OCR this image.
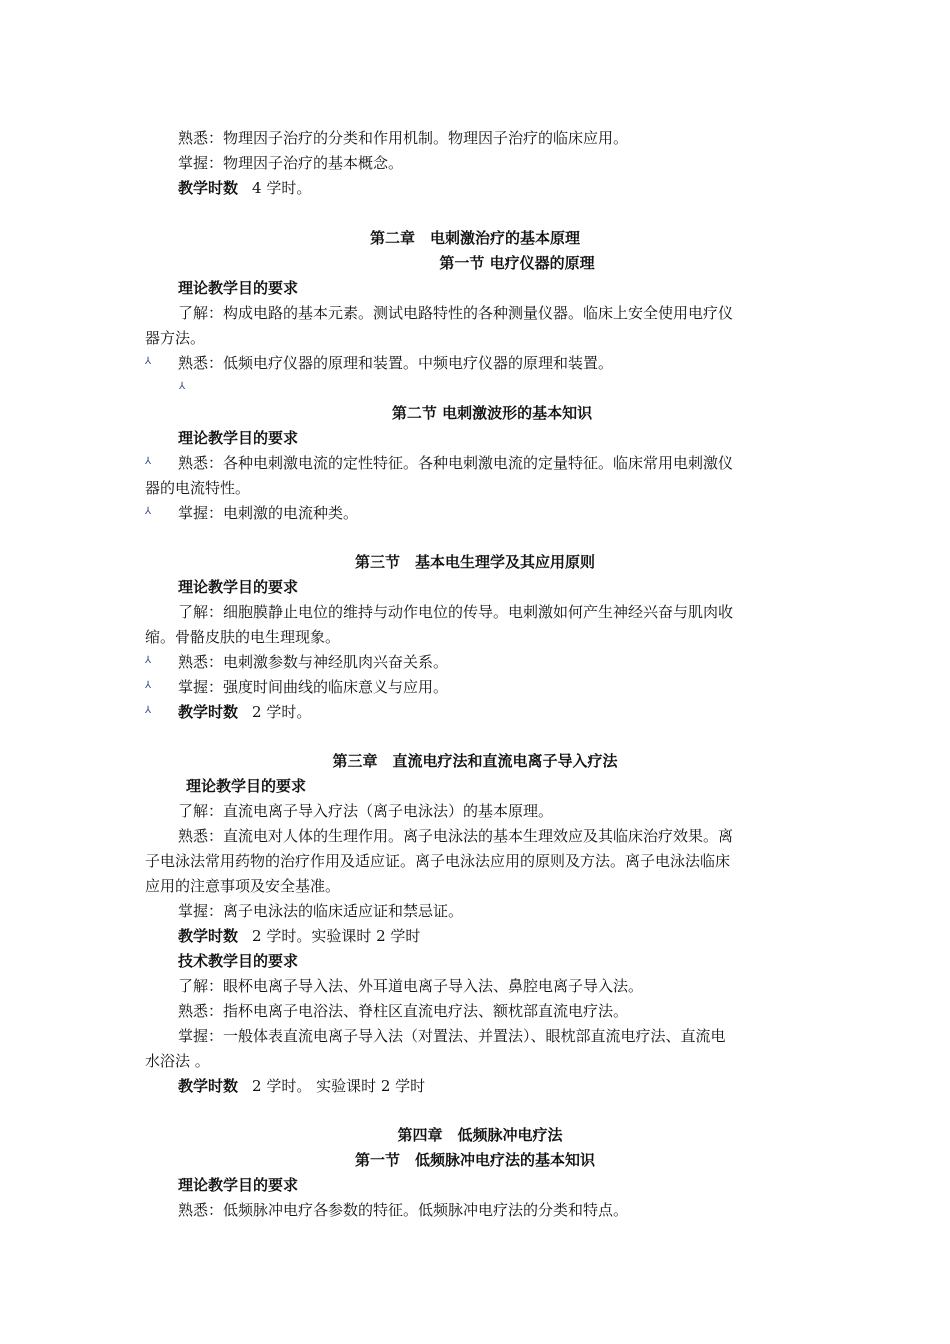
熟悉：物理因子治疗的分类和作用机制。物理因子治疗的临床应用。
掌握：物理因子治疗的基本概念。
教学时数 4 学时。
第二章　电刺激治疗的基本原理
第一节 电疗仪器的原理
理论教学目的要求
了解：构成电路的基本元素。测试电路特性的各种测量仪器。临床上安全使用电疗仪
器方法。
⅄ 熟悉：低频电疗仪器的原理和装置。中频电疗仪器的原理和装置。
⅄
第二节 电刺激波形的基本知识
理论教学目的要求
⅄ 熟悉：各种电刺激电流的定性特征。各种电刺激电流的定量特征。临床常用电刺激仪
器的电流特性。
⅄ 掌握：电刺激的电流种类。
第三节　基本电生理学及其应用原则
理论教学目的要求
了解：细胞膜静止电位的维持与动作电位的传导。电刺激如何产生神经兴奋与肌肉收
缩。骨骼皮肤的电生理现象。
⅄ 熟悉：电刺激参数与神经肌肉兴奋关系。
⅄ 掌握：强度时间曲线的临床意义与应用。
⅄ 教学时数 2 学时。
第三章　直流电疗法和直流电离子导入疗法
理论教学目的要求
了解：直流电离子导入疗法（离子电泳法）的基本原理。
熟悉：直流电对人体的生理作用。离子电泳法的基本生理效应及其临床治疗效果。离
子电泳法常用药物的治疗作用及适应证。离子电泳法应用的原则及方法。离子电泳法临床
应用的注意事项及安全基准。
掌握：离子电泳法的临床适应证和禁忌证。
教学时数 2 学时。实验课时 2 学时
技术教学目的要求
了解：眼杯电离子导入法、外耳道电离子导入法、鼻腔电离子导入法。
熟悉：指杯电离子电浴法、脊柱区直流电疗法、额枕部直流电疗法。
掌握：一般体表直流电离子导入法（对置法、并置法）、眼枕部直流电疗法、直流电
水浴法 。
教学时数 2 学时。 实验课时 2 学时
第四章　低频脉冲电疗法
第一节　低频脉冲电疗法的基本知识
理论教学目的要求
熟悉：低频脉冲电疗各参数的特征。低频脉冲电疗法的分类和特点。
